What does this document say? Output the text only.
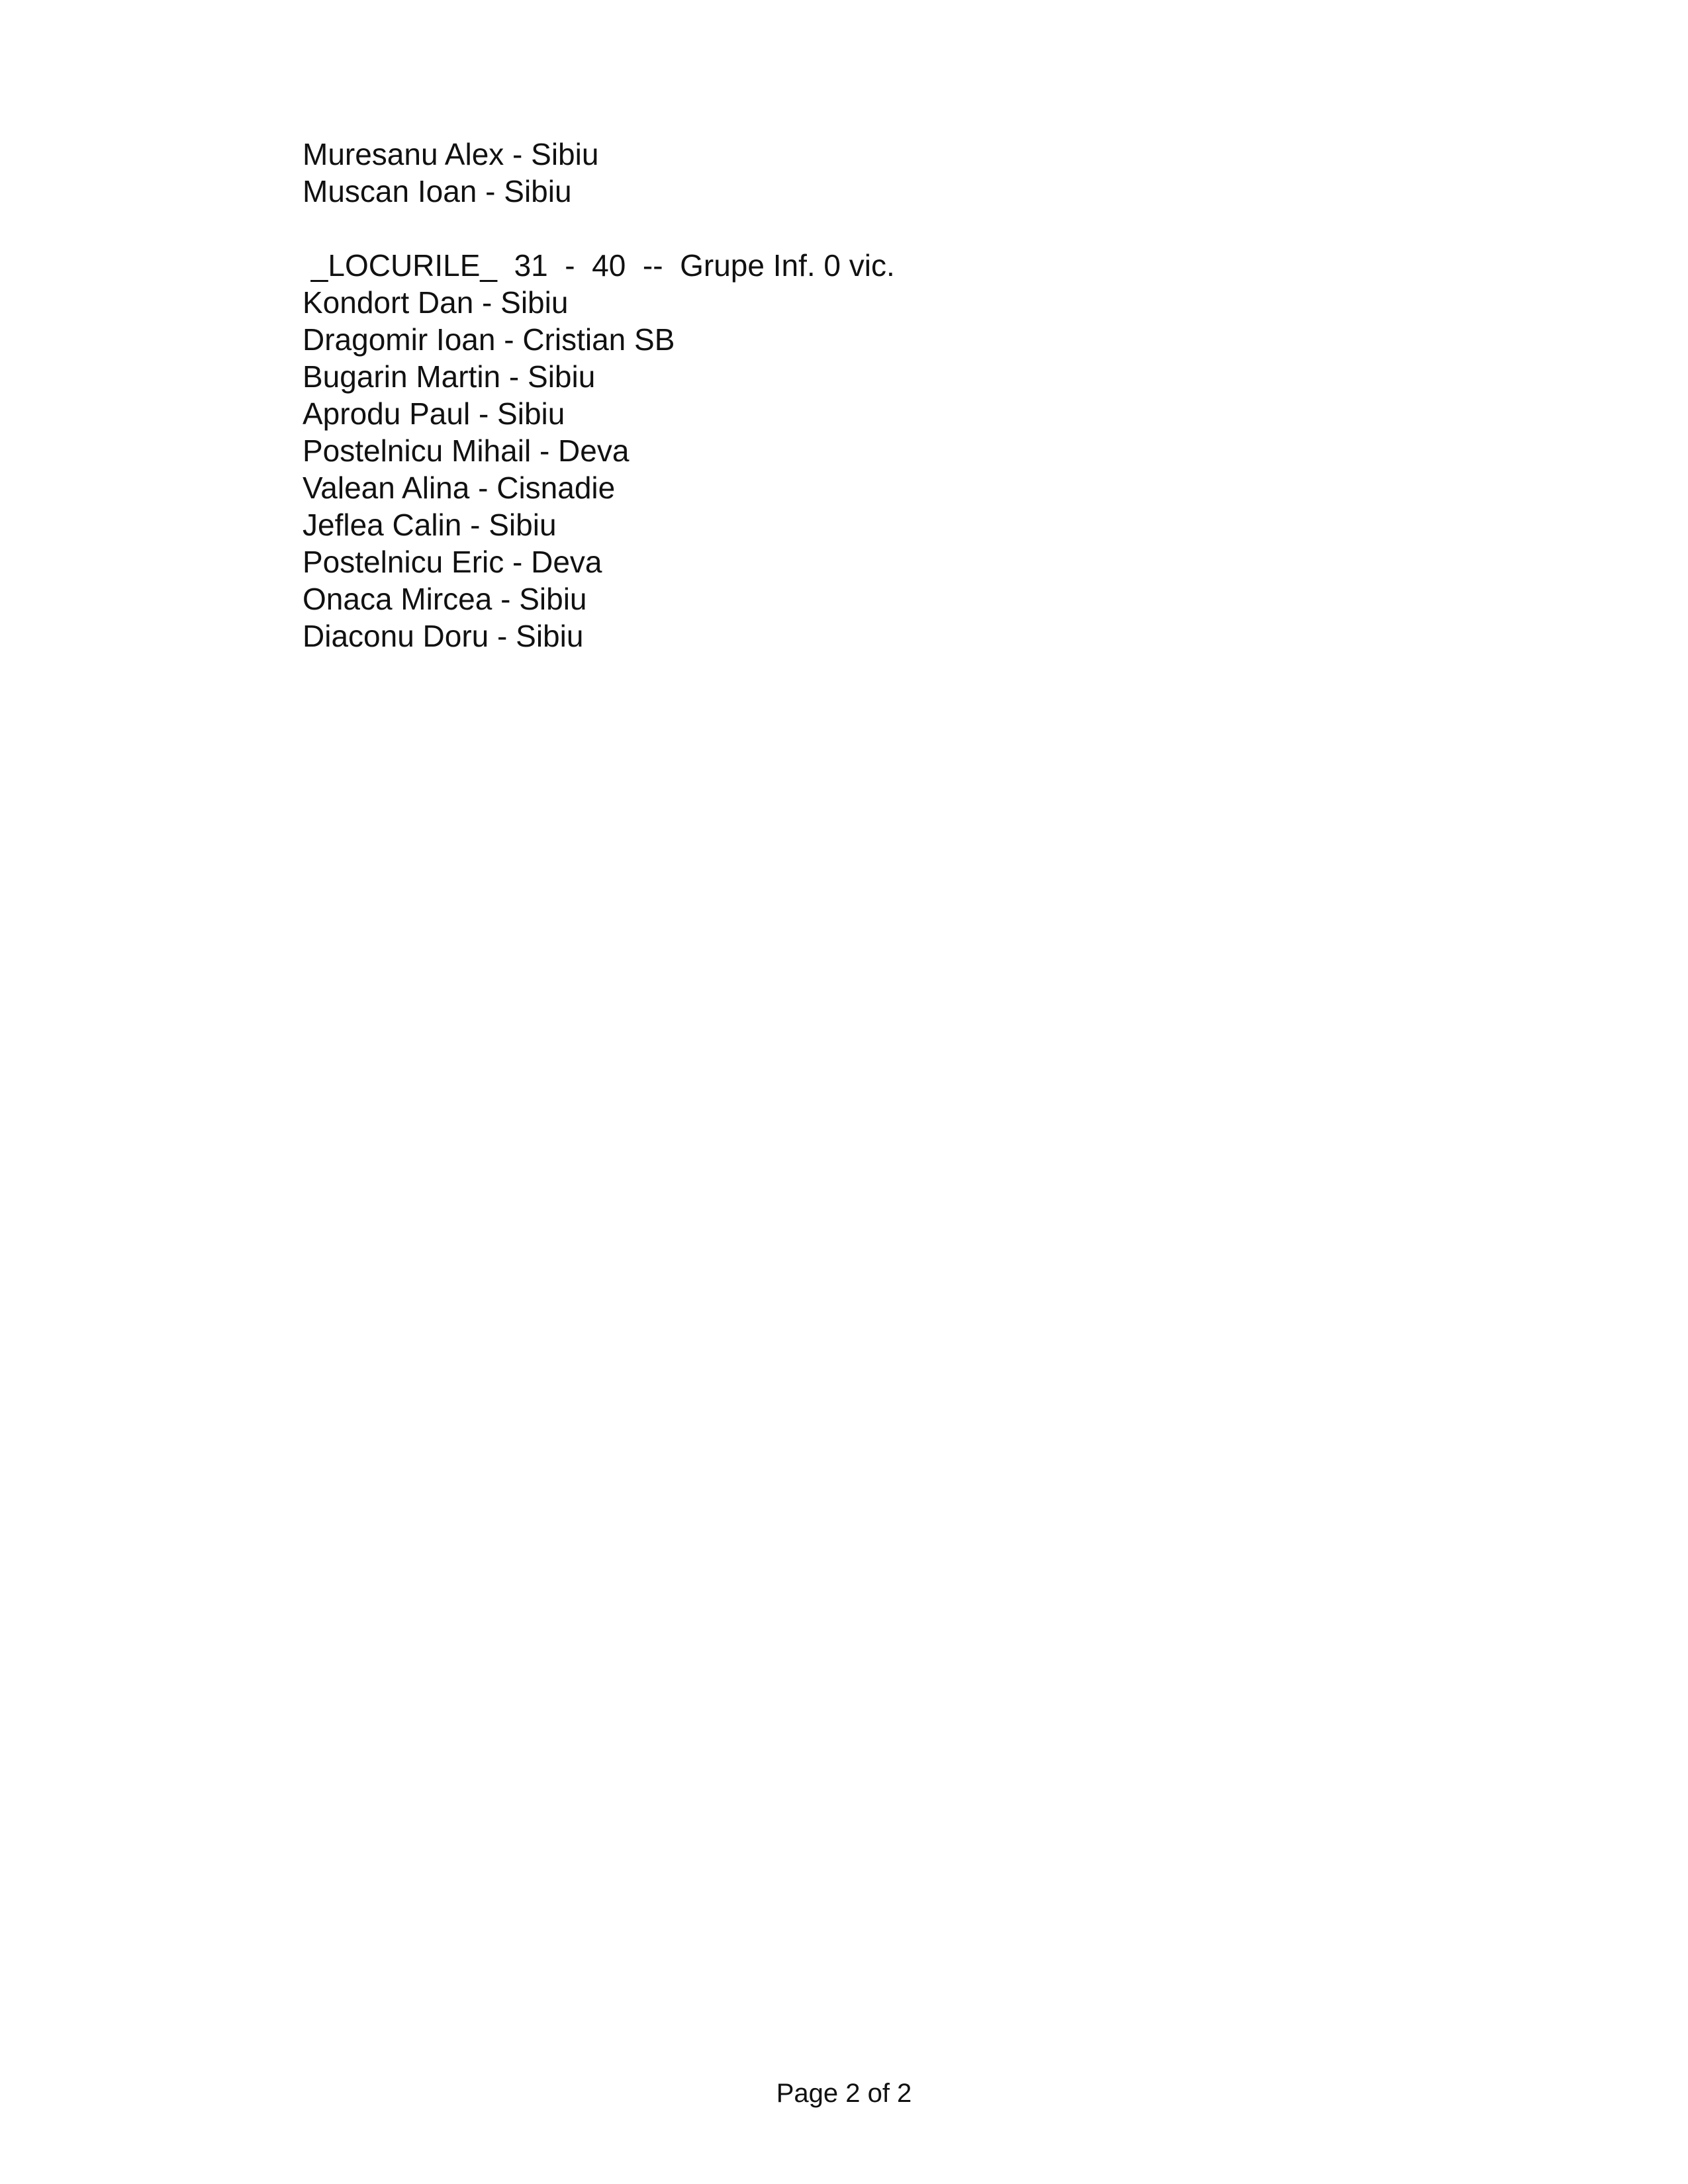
Muresanu Alex - Sibiu
Muscan Ioan - Sibiu
_LOCURILE_  31  -  40  --  Grupe Inf. 0 vic.
Kondort Dan - Sibiu
Dragomir Ioan - Cristian SB
Bugarin Martin - Sibiu
Aprodu Paul - Sibiu
Postelnicu Mihail - Deva
Valean Alina - Cisnadie
Jeflea Calin - Sibiu
Postelnicu Eric - Deva
Onaca Mircea - Sibiu
Diaconu Doru - Sibiu
Page 2 of 2
